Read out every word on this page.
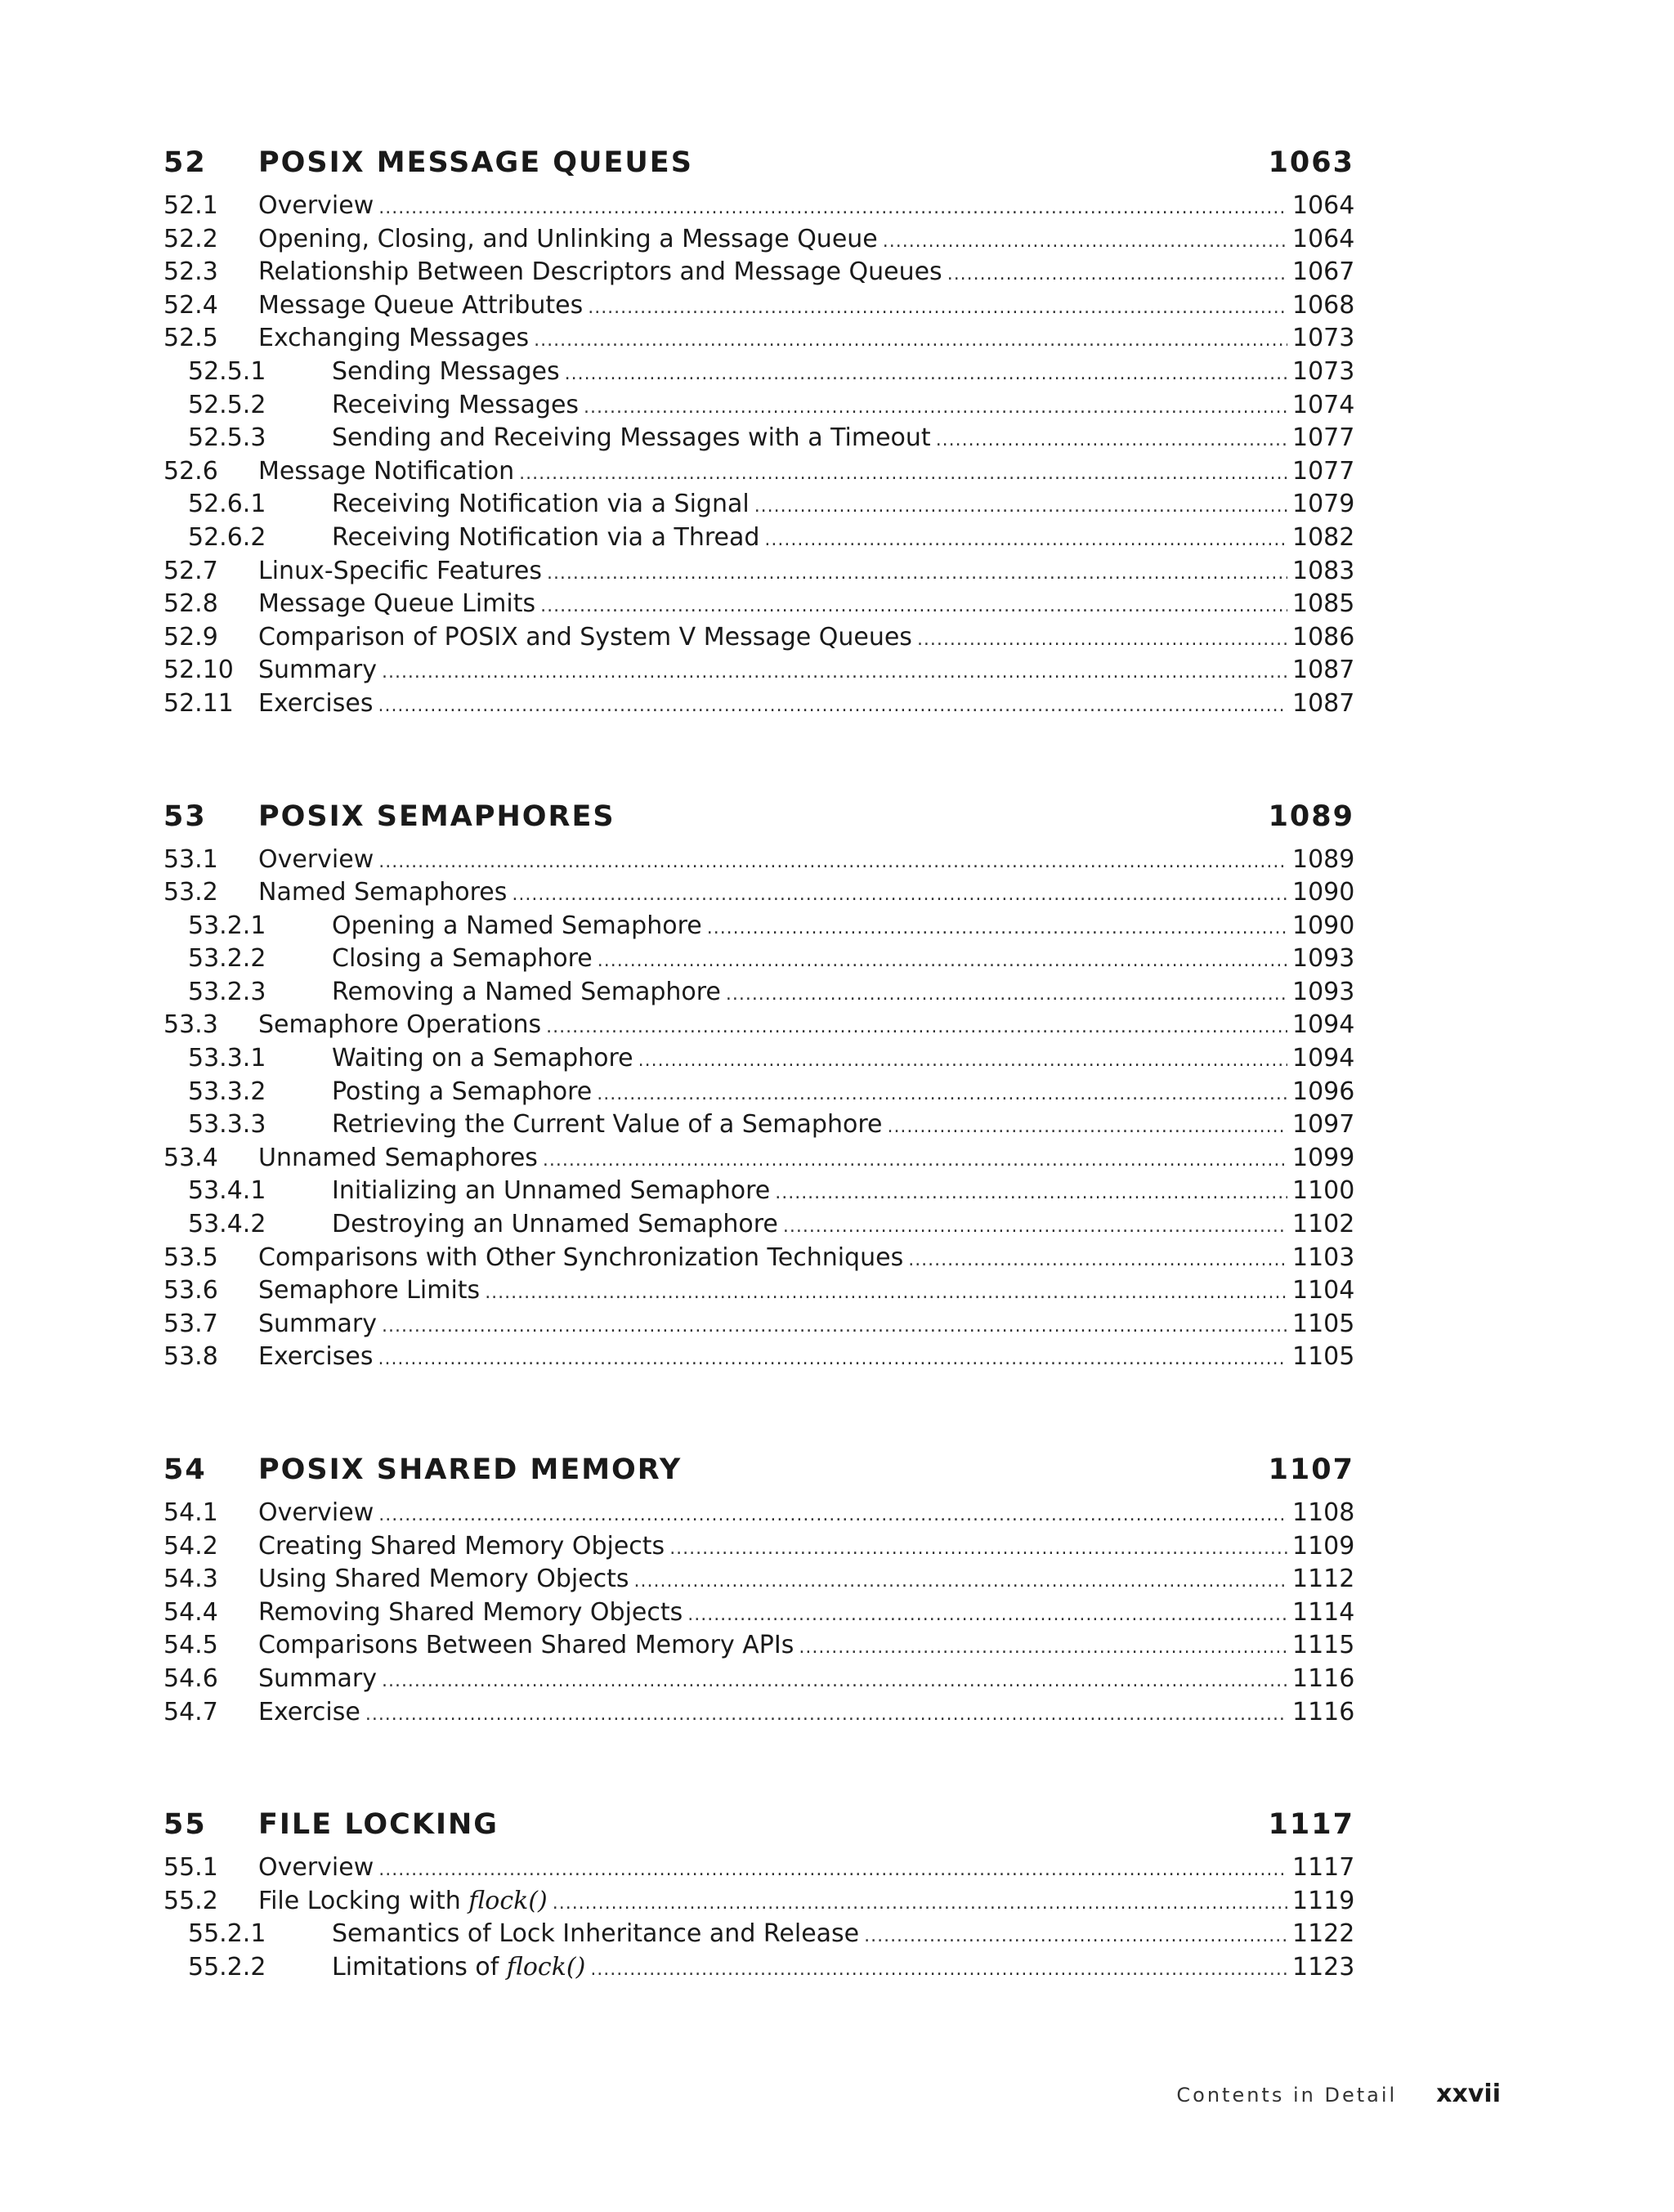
52	POSIX MESSAGE QUEUES	1063
52.1	Overview . . .	1064
52.2	Opening, Closing, and Unlinking a Message Queue . . .	1064
52.3	Relationship Between Descriptors and Message Queues . . .	1067
52.4	Message Queue Attributes . . .	1068
52.5	Exchanging Messages . . .	1073
52.5.1	Sending Messages . . .	1073
52.5.2	Receiving Messages . . .	1074
52.5.3	Sending and Receiving Messages with a Timeout . . .	1077
52.6	Message Notification . . .	1077
52.6.1	Receiving Notification via a Signal . . .	1079
52.6.2	Receiving Notification via a Thread . . .	1082
52.7	Linux-Specific Features . . .	1083
52.8	Message Queue Limits . . .	1085
52.9	Comparison of POSIX and System V Message Queues . . .	1086
52.10	Summary . . .	1087
52.11	Exercises . . .	1087
53	POSIX SEMAPHORES	1089
53.1	Overview . . .	1089
53.2	Named Semaphores . . .	1090
53.2.1	Opening a Named Semaphore . . .	1090
53.2.2	Closing a Semaphore . . .	1093
53.2.3	Removing a Named Semaphore . . .	1093
53.3	Semaphore Operations . . .	1094
53.3.1	Waiting on a Semaphore . . .	1094
53.3.2	Posting a Semaphore . . .	1096
53.3.3	Retrieving the Current Value of a Semaphore . . .	1097
53.4	Unnamed Semaphores . . .	1099
53.4.1	Initializing an Unnamed Semaphore . . .	1100
53.4.2	Destroying an Unnamed Semaphore . . .	1102
53.5	Comparisons with Other Synchronization Techniques . . .	1103
53.6	Semaphore Limits . . .	1104
53.7	Summary . . .	1105
53.8	Exercises . . .	1105
54	POSIX SHARED MEMORY	1107
54.1	Overview . . .	1108
54.2	Creating Shared Memory Objects . . .	1109
54.3	Using Shared Memory Objects . . .	1112
54.4	Removing Shared Memory Objects . . .	1114
54.5	Comparisons Between Shared Memory APIs . . .	1115
54.6	Summary . . .	1116
54.7	Exercise . . .	1116
55	FILE LOCKING	1117
55.1	Overview . . .	1117
55.2	File Locking with flock() . . .	1119
55.2.1	Semantics of Lock Inheritance and Release . . .	1122
55.2.2	Limitations of flock() . . .	1123
Contents in Detail xxvii
